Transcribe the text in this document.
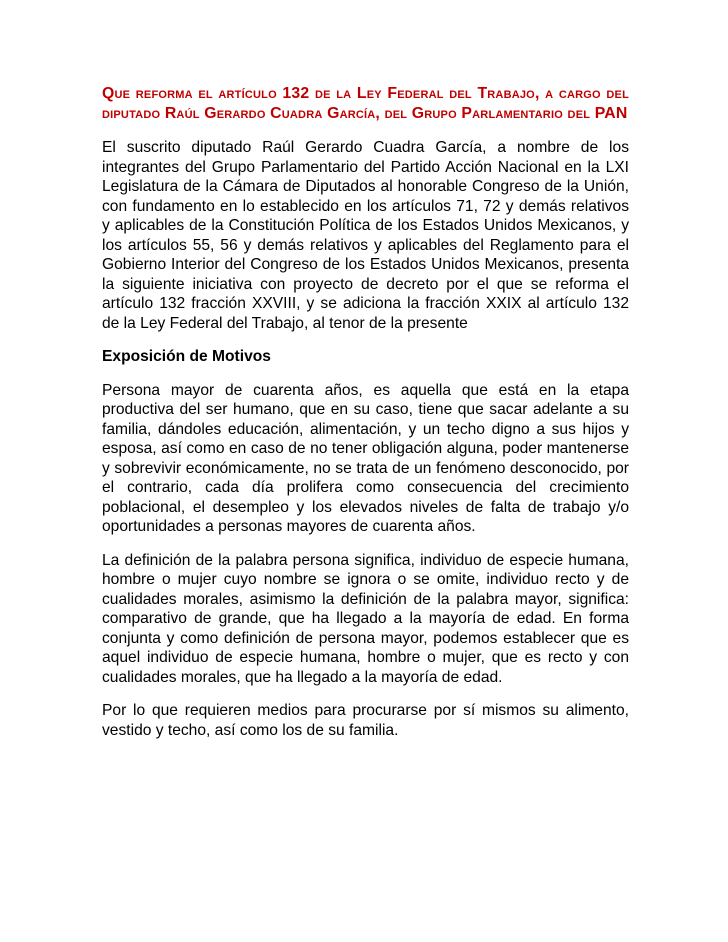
Que reforma el artículo 132 de la Ley Federal del Trabajo, a cargo del diputado Raúl Gerardo Cuadra García, del Grupo Parlamentario del PAN

El suscrito diputado Raúl Gerardo Cuadra García, a nombre de los integrantes del Grupo Parlamentario del Partido Acción Nacional en la LXI Legislatura de la Cámara de Diputados al honorable Congreso de la Unión, con fundamento en lo establecido en los artículos 71, 72 y demás relativos y aplicables de la Constitución Política de los Estados Unidos Mexicanos, y los artículos 55, 56 y demás relativos y aplicables del Reglamento para el Gobierno Interior del Congreso de los Estados Unidos Mexicanos, presenta la siguiente iniciativa con proyecto de decreto por el que se reforma el artículo 132 fracción XXVIII, y se adiciona la fracción XXIX al artículo 132 de la Ley Federal del Trabajo, al tenor de la presente

Exposición de Motivos

Persona mayor de cuarenta años, es aquella que está en la etapa productiva del ser humano, que en su caso, tiene que sacar adelante a su familia, dándoles educación, alimentación, y un techo digno a sus hijos y esposa, así como en caso de no tener obligación alguna, poder mantenerse y sobrevivir económicamente, no se trata de un fenómeno desconocido, por el contrario, cada día prolifera como consecuencia del crecimiento poblacional, el desempleo y los elevados niveles de falta de trabajo y/o oportunidades a personas mayores de cuarenta años.

La definición de la palabra persona significa, individuo de especie humana, hombre o mujer cuyo nombre se ignora o se omite, individuo recto y de cualidades morales, asimismo la definición de la palabra mayor, significa: comparativo de grande, que ha llegado a la mayoría de edad. En forma conjunta y como definición de persona mayor, podemos establecer que es aquel individuo de especie humana, hombre o mujer, que es recto y con cualidades morales, que ha llegado a la mayoría de edad.

Por lo que requieren medios para procurarse por sí mismos su alimento, vestido y techo, así como los de su familia.
